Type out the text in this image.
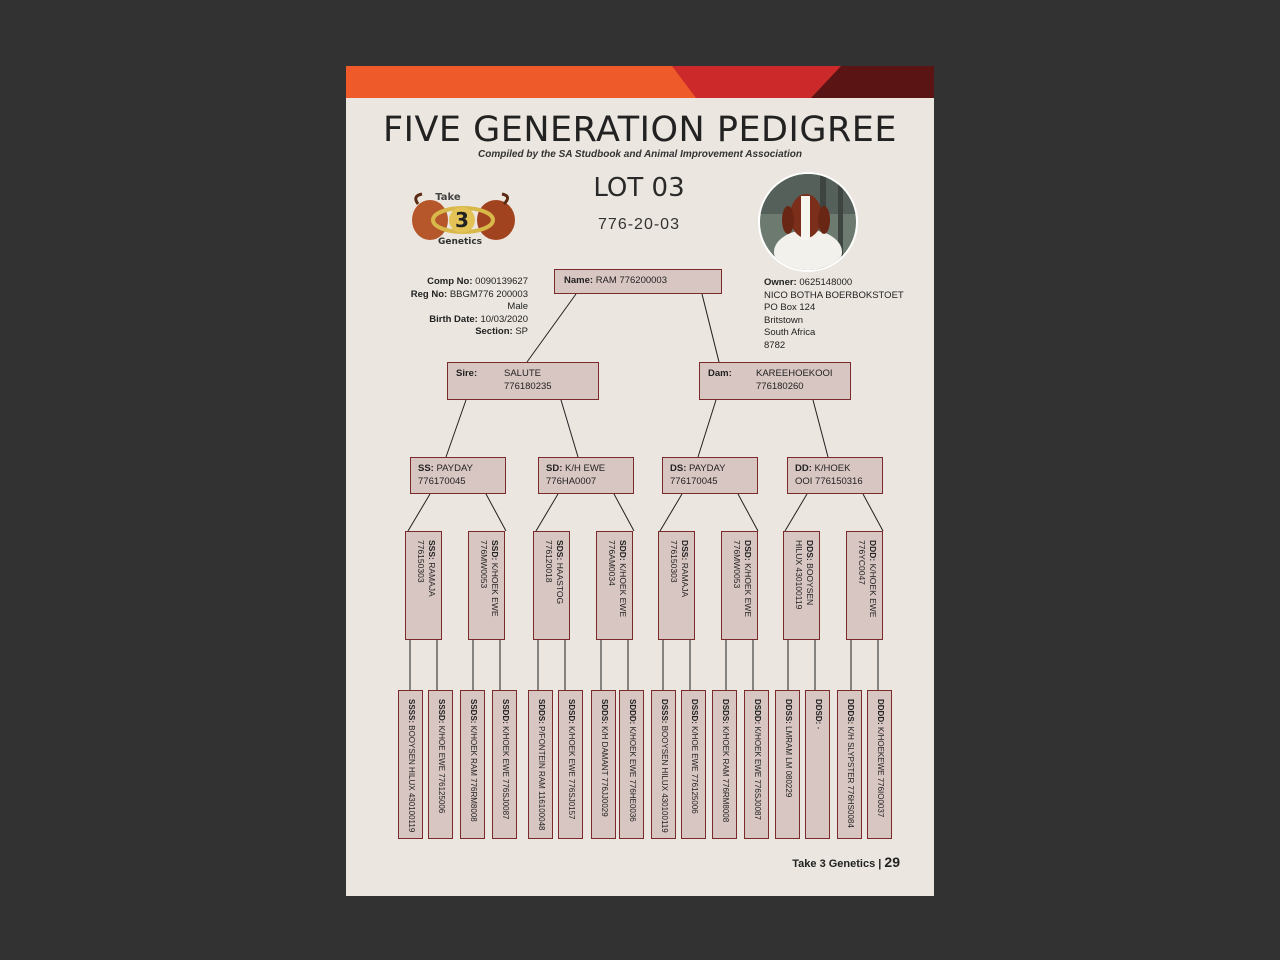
FIVE GENERATION PEDIGREE
Compiled by the SA Studbook and Animal Improvement Association
LOT 03
776-20-03
3
Take
Genetics
Comp No: 0090139627
Reg No: BBGM776 200003
Male
Birth Date: 10/03/2020
Section: SP
Owner: 0625148000
NICO BOTHA BOERBOKSTOET
PO Box 124
Britstown
South Africa
8782
Name: RAM 776200003
Sire:	SALUTE
776180235
Dam:	KAREEHOEKOOI
776180260
SS: PAYDAY
776170045
SD: K/H EWE
776HA0007
DS: PAYDAY
776170045
DD: K/HOEK
OOI 776150316
SSS: RAMAJA
776150303	SSD: K/HOEK EWE
776MW0053	SDS: HAASTOG
776120018	SDD: K/HOEK EWE
776AM0034	DSS: RAMAJA
776150303	DSD: K/HOEK EWE
776MW0053	DDS: BOOYSEN
HILUX 430100119	DDD: K/HOEK EWE
776YC0047
SSSS: BOOYSEN HILUX 430100119
SSSD: K/HOE EWE 776125006
SSDS: K/HOEK RAM 776RM8008
SSDD: K/HOEK EWE 776SJ0087
SDDS: P/FONTEIN RAM 116100048
SDSD: K/HOEK EWE 776SJ0157
SDDS: K/H DAMANT 776JJ0029
SDDD: K/HOEK EWE 776HE0036
DSSS: BOOYSEN HILUX 430100119
DSSD: K/HOE EWE 776125006
DSDS: K/HOEK RAM 776RM8008
DSDD: K/HOEK EWE 776SJ0087
DDSS: LMRAM LM 080229
DDSD: -
DDDS: K/H SLYPSTER 776HS0084
DDDD: K/HOEKEWE 776IO0037
Take 3 Genetics | 29
